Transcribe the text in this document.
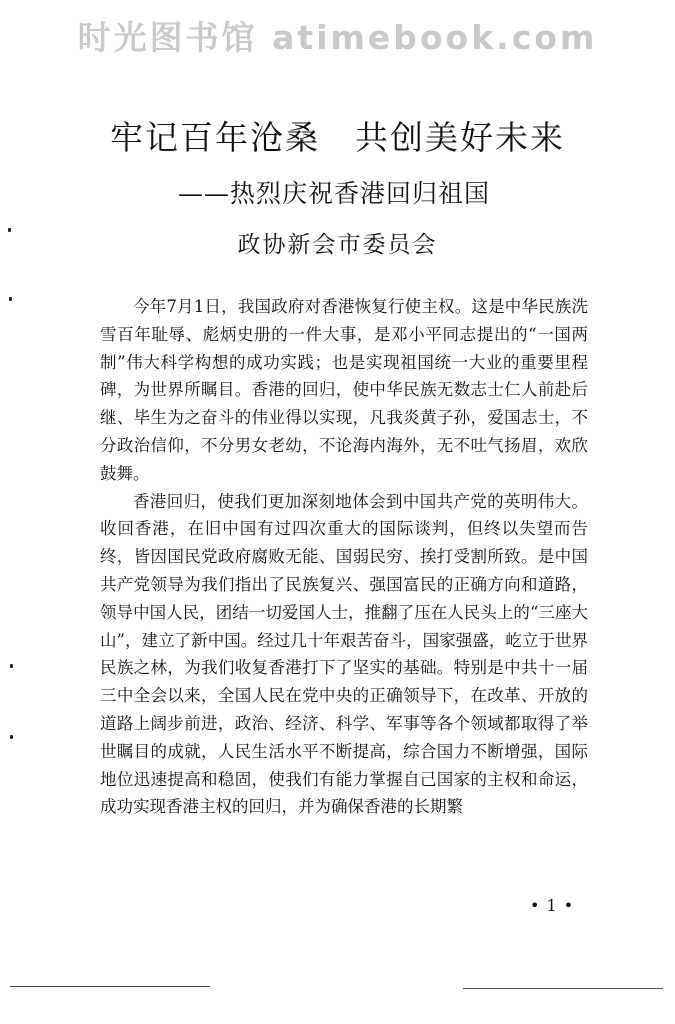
时光图书馆 atimebook.com
牢记百年沧桑　共创美好未来
——热烈庆祝香港回归祖国
政协新会市委员会

今年7月1日，我国政府对香港恢复行使主权。这是中华民族洗雪百年耻辱、彪炳史册的一件大事，是邓小平同志提出的“一国两制”伟大科学构想的成功实践；也是实现祖国统一大业的重要里程碑，为世界所瞩目。香港的回归，使中华民族无数志士仁人前赴后继、毕生为之奋斗的伟业得以实现，凡我炎黄子孙，爱国志士，不分政治信仰，不分男女老幼，不论海内海外，无不吐气扬眉，欢欣鼓舞。

香港回归，使我们更加深刻地体会到中国共产党的英明伟大。收回香港，在旧中国有过四次重大的国际谈判，但终以失望而告终，皆因国民党政府腐败无能、国弱民穷、挨打受割所致。是中国共产党领导为我们指出了民族复兴、强国富民的正确方向和道路，领导中国人民，团结一切爱国人士，推翻了压在人民头上的“三座大山”，建立了新中国。经过几十年艰苦奋斗，国家强盛，屹立于世界民族之林，为我们收复香港打下了坚实的基础。特别是中共十一届三中全会以来，全国人民在党中央的正确领导下，在改革、开放的道路上阔步前进，政治、经济、科学、军事等各个领域都取得了举世瞩目的成就，人民生活水平不断提高，综合国力不断增强，国际地位迅速提高和稳固，使我们有能力掌握自己国家的主权和命运，成功实现香港主权的回归，并为确保香港的长期繁

• 1 •
